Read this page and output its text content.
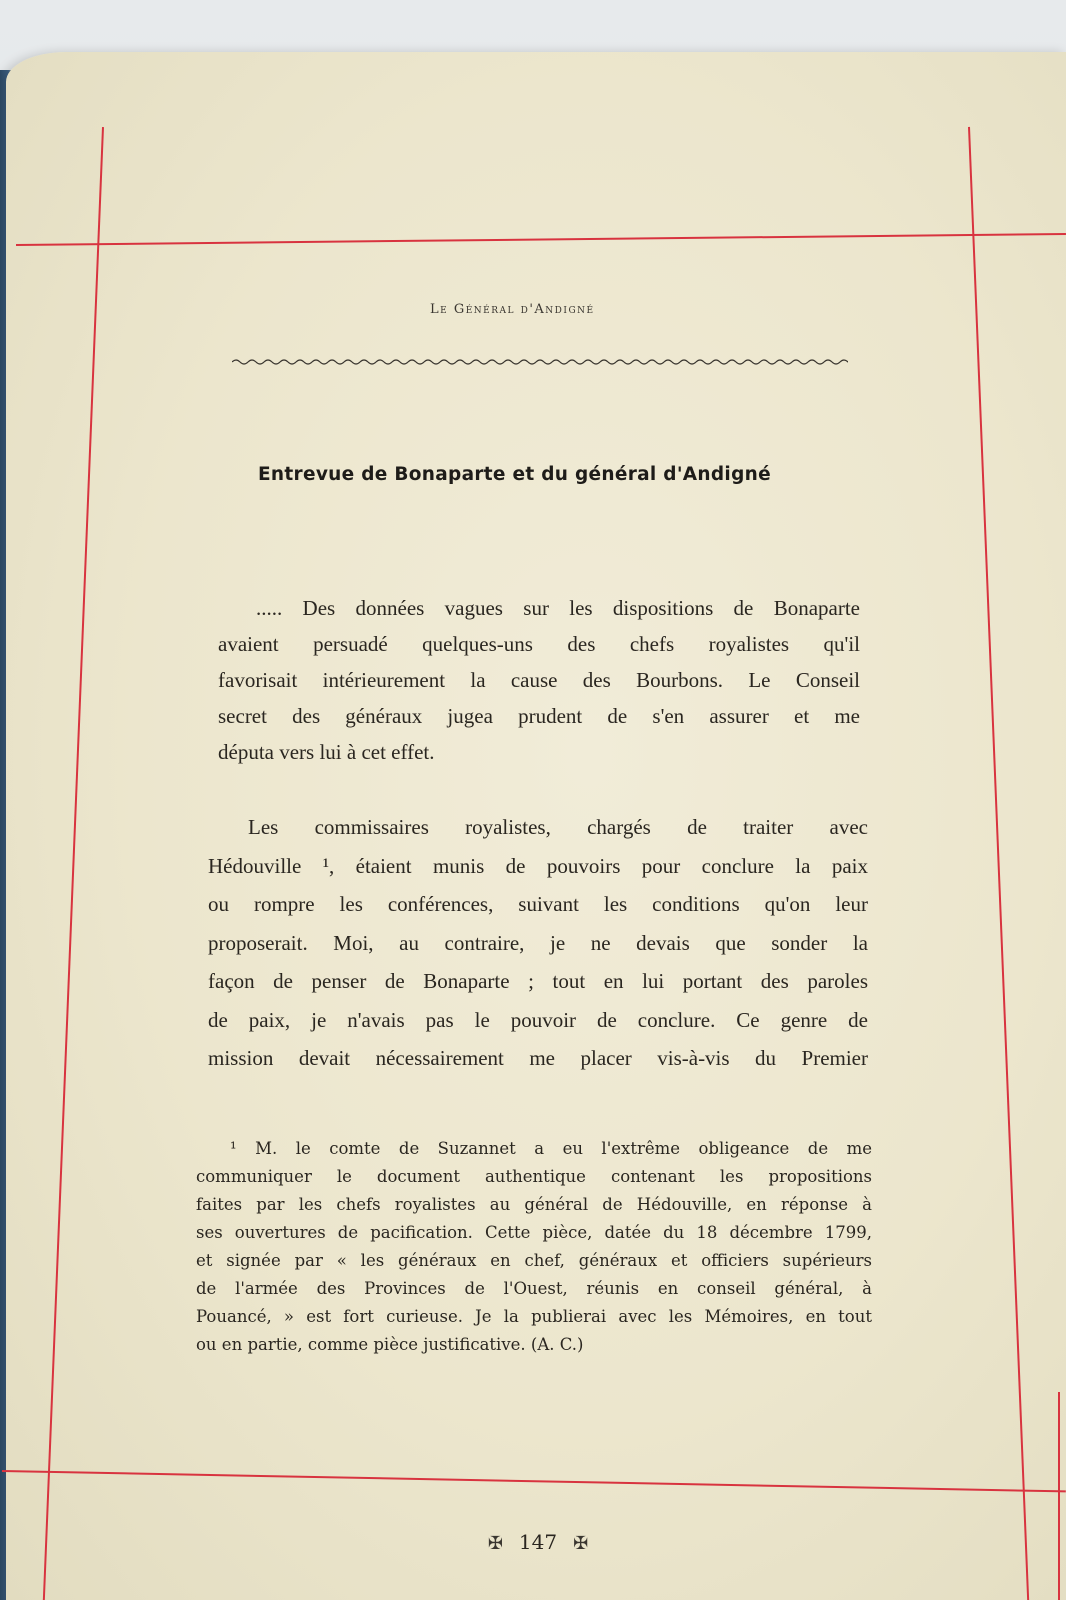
Le Général d'Andigné
Entrevue de Bonaparte et du général d'Andigné
..... Des données vagues sur les dispositions de Bonaparte
avaient persuadé quelques-uns des chefs royalistes qu'il
favorisait intérieurement la cause des Bourbons. Le Conseil
secret des généraux jugea prudent de s'en assurer et me
députa vers lui à cet effet.
Les commissaires royalistes, chargés de traiter avec
Hédouville ¹, étaient munis de pouvoirs pour conclure la paix
ou rompre les conférences, suivant les conditions qu'on leur
proposerait. Moi, au contraire, je ne devais que sonder la
façon de penser de Bonaparte ; tout en lui portant des paroles
de paix, je n'avais pas le pouvoir de conclure. Ce genre de
mission devait nécessairement me placer vis-à-vis du Premier
¹ M. le comte de Suzannet a eu l'extrême obligeance de me
communiquer le document authentique contenant les propositions
faites par les chefs royalistes au général de Hédouville, en réponse à
ses ouvertures de pacification. Cette pièce, datée du 18 décembre 1799,
et signée par « les généraux en chef, généraux et officiers supérieurs
de l'armée des Provinces de l'Ouest, réunis en conseil général, à
Pouancé, » est fort curieuse. Je la publierai avec les Mémoires, en tout
ou en partie, comme pièce justificative. (A. C.)
✠ 147 ✠
